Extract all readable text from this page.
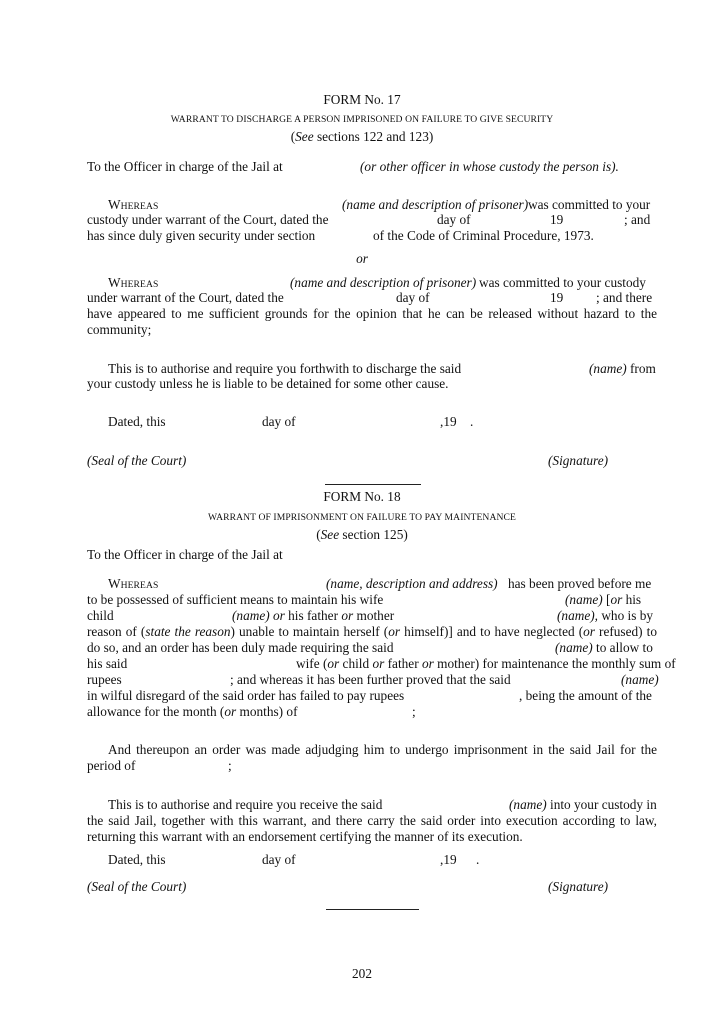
FORM No. 17
WARRANT TO DISCHARGE A PERSON IMPRISONED ON FAILURE TO GIVE SECURITY
(See sections 122 and 123)
To the Officer in charge of the Jail at	(or other officer in whose custody the person is).
WHEREAS	(name and description of prisoner) was committed to your
custody under warrant of the Court, dated the	day of	19	; and
has since duly given security under section	of the Code of Criminal Procedure, 1973.
or
WHEREAS	(name and description of prisoner) was committed to your custody
under warrant of the Court, dated the	day of	19 ; and there
have appeared to me sufficient grounds for the opinion that he can be released without hazard to the
community;
This is to authorise and require you forthwith to discharge the said	(name) from
your custody unless he is liable to be detained for some other cause.
Dated, this	day of	,19 .
(Seal of the Court)	(Signature)
FORM No. 18
WARRANT OF IMPRISONMENT ON FAILURE TO PAY MAINTENANCE
(See section 125)
To the Officer in charge of the Jail at
WHEREAS	(name, description and address) has been proved before me
to be possessed of sufficient means to maintain his wife	(name) [or his
child	(name) or his father or mother	(name), who is by
reason of (state the reason) unable to maintain herself (or himself)] and to have neglected (or refused) to
do so, and an order has been duly made requiring the said	(name) to allow to
his said	wife (or child or father or mother) for maintenance the monthly sum of
rupees	; and whereas it has been further proved that the said	(name)
in wilful disregard of the said order has failed to pay rupees	, being the amount of the
allowance for the month (or months) of	;
And thereupon an order was made adjudging him to undergo imprisonment in the said Jail for the
period of	;
This is to authorise and require you receive the said	(name) into your custody in
the said Jail, together with this warrant, and there carry the said order into execution according to law,
returning this warrant with an endorsement certifying the manner of its execution.
Dated, this	day of	,19 .
(Seal of the Court)	(Signature)
202
